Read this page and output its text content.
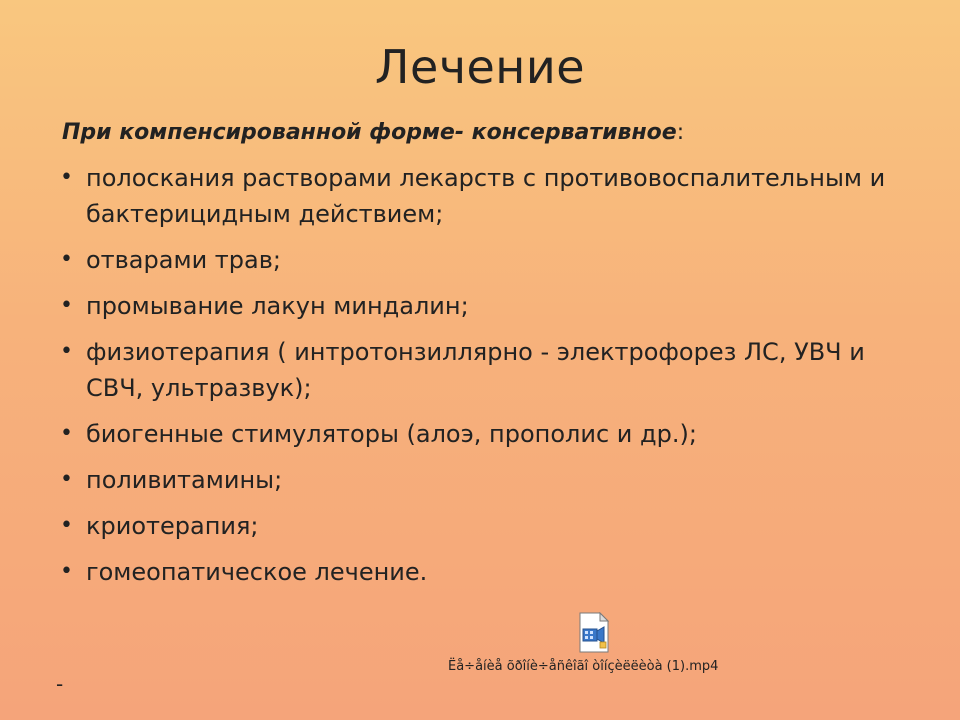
Лечение
При компенсированной форме- консервативное:
• полоскания растворами лекарств с противовоспалительным и бактерицидным действием;
• отварами трав;
• промывание лакун миндалин;
• физиотерапия ( интротонзиллярно - электрофорез ЛС, УВЧ и СВЧ, ультразвук);
• биогенные стимуляторы (алоэ, прополис и др.);
• поливитамины;
• криотерапия;
• гомеопатическое лечение.
Ëå÷åíèå õðîíè÷åñêîãî òîíçèëëèòà (1).mp4
-
